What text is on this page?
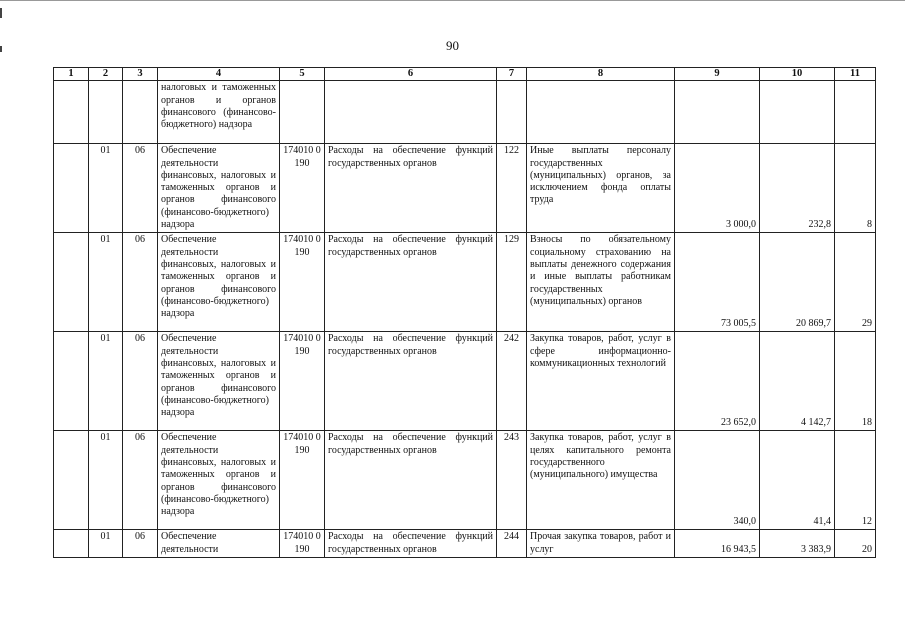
90
1	2	3	4	5	6	7	8	9	10	11
			налоговых и таможенных органов и органов финансового (финансово-бюджетного) надзора							
	01	06	Обеспечение деятельности финансовых, налоговых и таможенных органов и органов финансового (финансово-бюджетного) надзора	174010 0190	Расходы на обеспечение функций государственных органов	122	Иные выплаты персоналу государственных (муниципальных) органов, за исключением фонда оплаты труда	3 000,0	232,8	8
	01	06	Обеспечение деятельности финансовых, налоговых и таможенных органов и органов финансового (финансово-бюджетного) надзора	174010 0190	Расходы на обеспечение функций государственных органов	129	Взносы по обязательному социальному страхованию на выплаты денежного содержания и иные выплаты работникам государственных (муниципальных) органов	73 005,5	20 869,7	29
	01	06	Обеспечение деятельности финансовых, налоговых и таможенных органов и органов финансового (финансово-бюджетного) надзора	174010 0190	Расходы на обеспечение функций государственных органов	242	Закупка товаров, работ, услуг в сфере информационно-коммуникационных технологий	23 652,0	4 142,7	18
	01	06	Обеспечение деятельности финансовых, налоговых и таможенных органов и органов финансового (финансово-бюджетного) надзора	174010 0190	Расходы на обеспечение функций государственных органов	243	Закупка товаров, работ, услуг в целях капитального ремонта государственного (муниципального) имущества	340,0	41,4	12
	01	06	Обеспечение деятельности	174010 0190	Расходы на обеспечение функций государственных органов	244	Прочая закупка товаров, работ и услуг	16 943,5	3 383,9	20
